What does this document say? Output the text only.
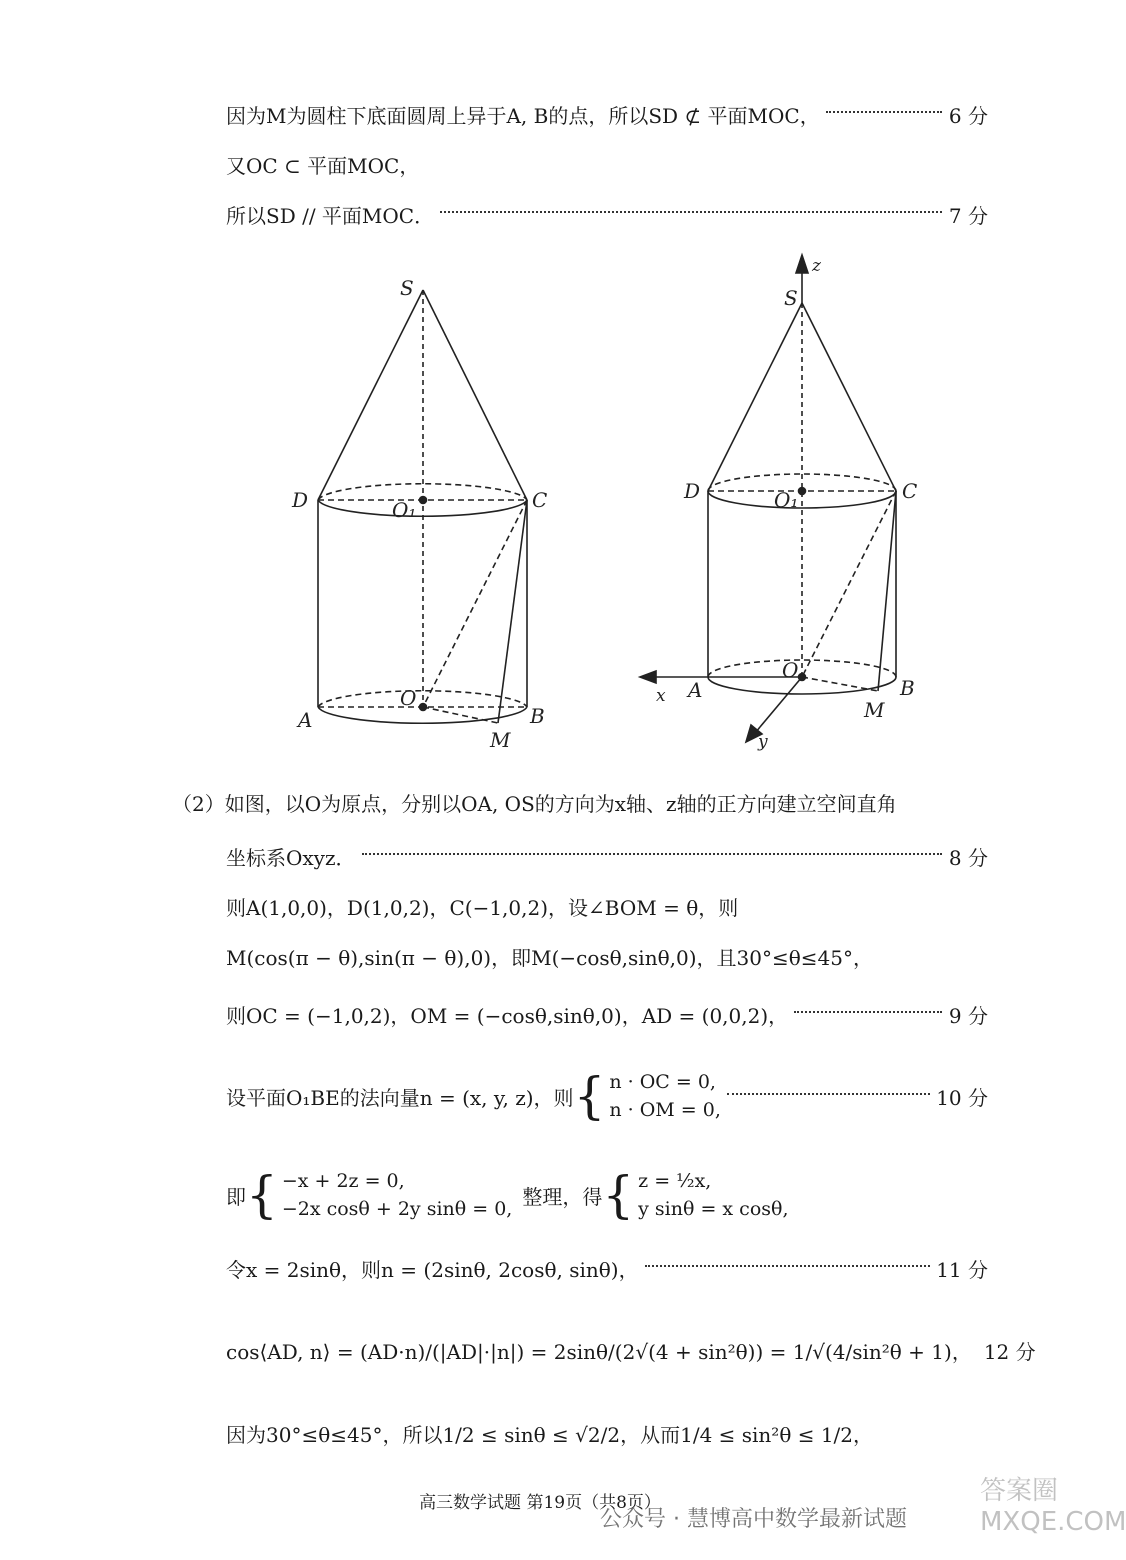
因为M为圆柱下底面圆周上异于A, B的点，所以SD ⊄ 平面MOC，	6 分
又OC ⊂ 平面MOC，
所以SD // 平面MOC．	7 分
S
D	O₁	C
O
A	B
M
z
S
D	O₁	C
O
x A	B
M
y
（2）如图，以O为原点，分别以OA, OS的方向为x轴、z轴的正方向建立空间直角
坐标系Oxyz．	8 分
则A(1,0,0)，D(1,0,2)，C(−1,0,2)，设∠BOM = θ，则
M(cos(π − θ),sin(π − θ),0)，即M(−cosθ,sinθ,0)，且30°≤θ≤45°，
则OC = (−1,0,2)，OM = (−cosθ,sinθ,0)，AD = (0,0,2)，	9 分
设平面O₁BE的法向量n = (x, y, z)，则 { n · OC = 0,
n · OM = 0,
10 分
即 { −x + 2z = 0,
−2x cosθ + 2y sinθ = 0,
整理，得 { z = ½x,
y sinθ = x cosθ,
令x = 2sinθ，则n = (2sinθ, 2cosθ, sinθ)，	11 分
cos⟨AD, n⟩ = (AD·n)/(|AD|·|n|) = 2sinθ/(2√(4 + sin²θ)) = 1/√(4/sin²θ + 1)， 12 分
因为30°≤θ≤45°，所以1/2 ≤ sinθ ≤ √2/2，从而1/4 ≤ sin²θ ≤ 1/2，
高三数学试题 第19页（共8页）
公众号 · 慧博高中数学最新试题
答案圈 MXQE.COM
